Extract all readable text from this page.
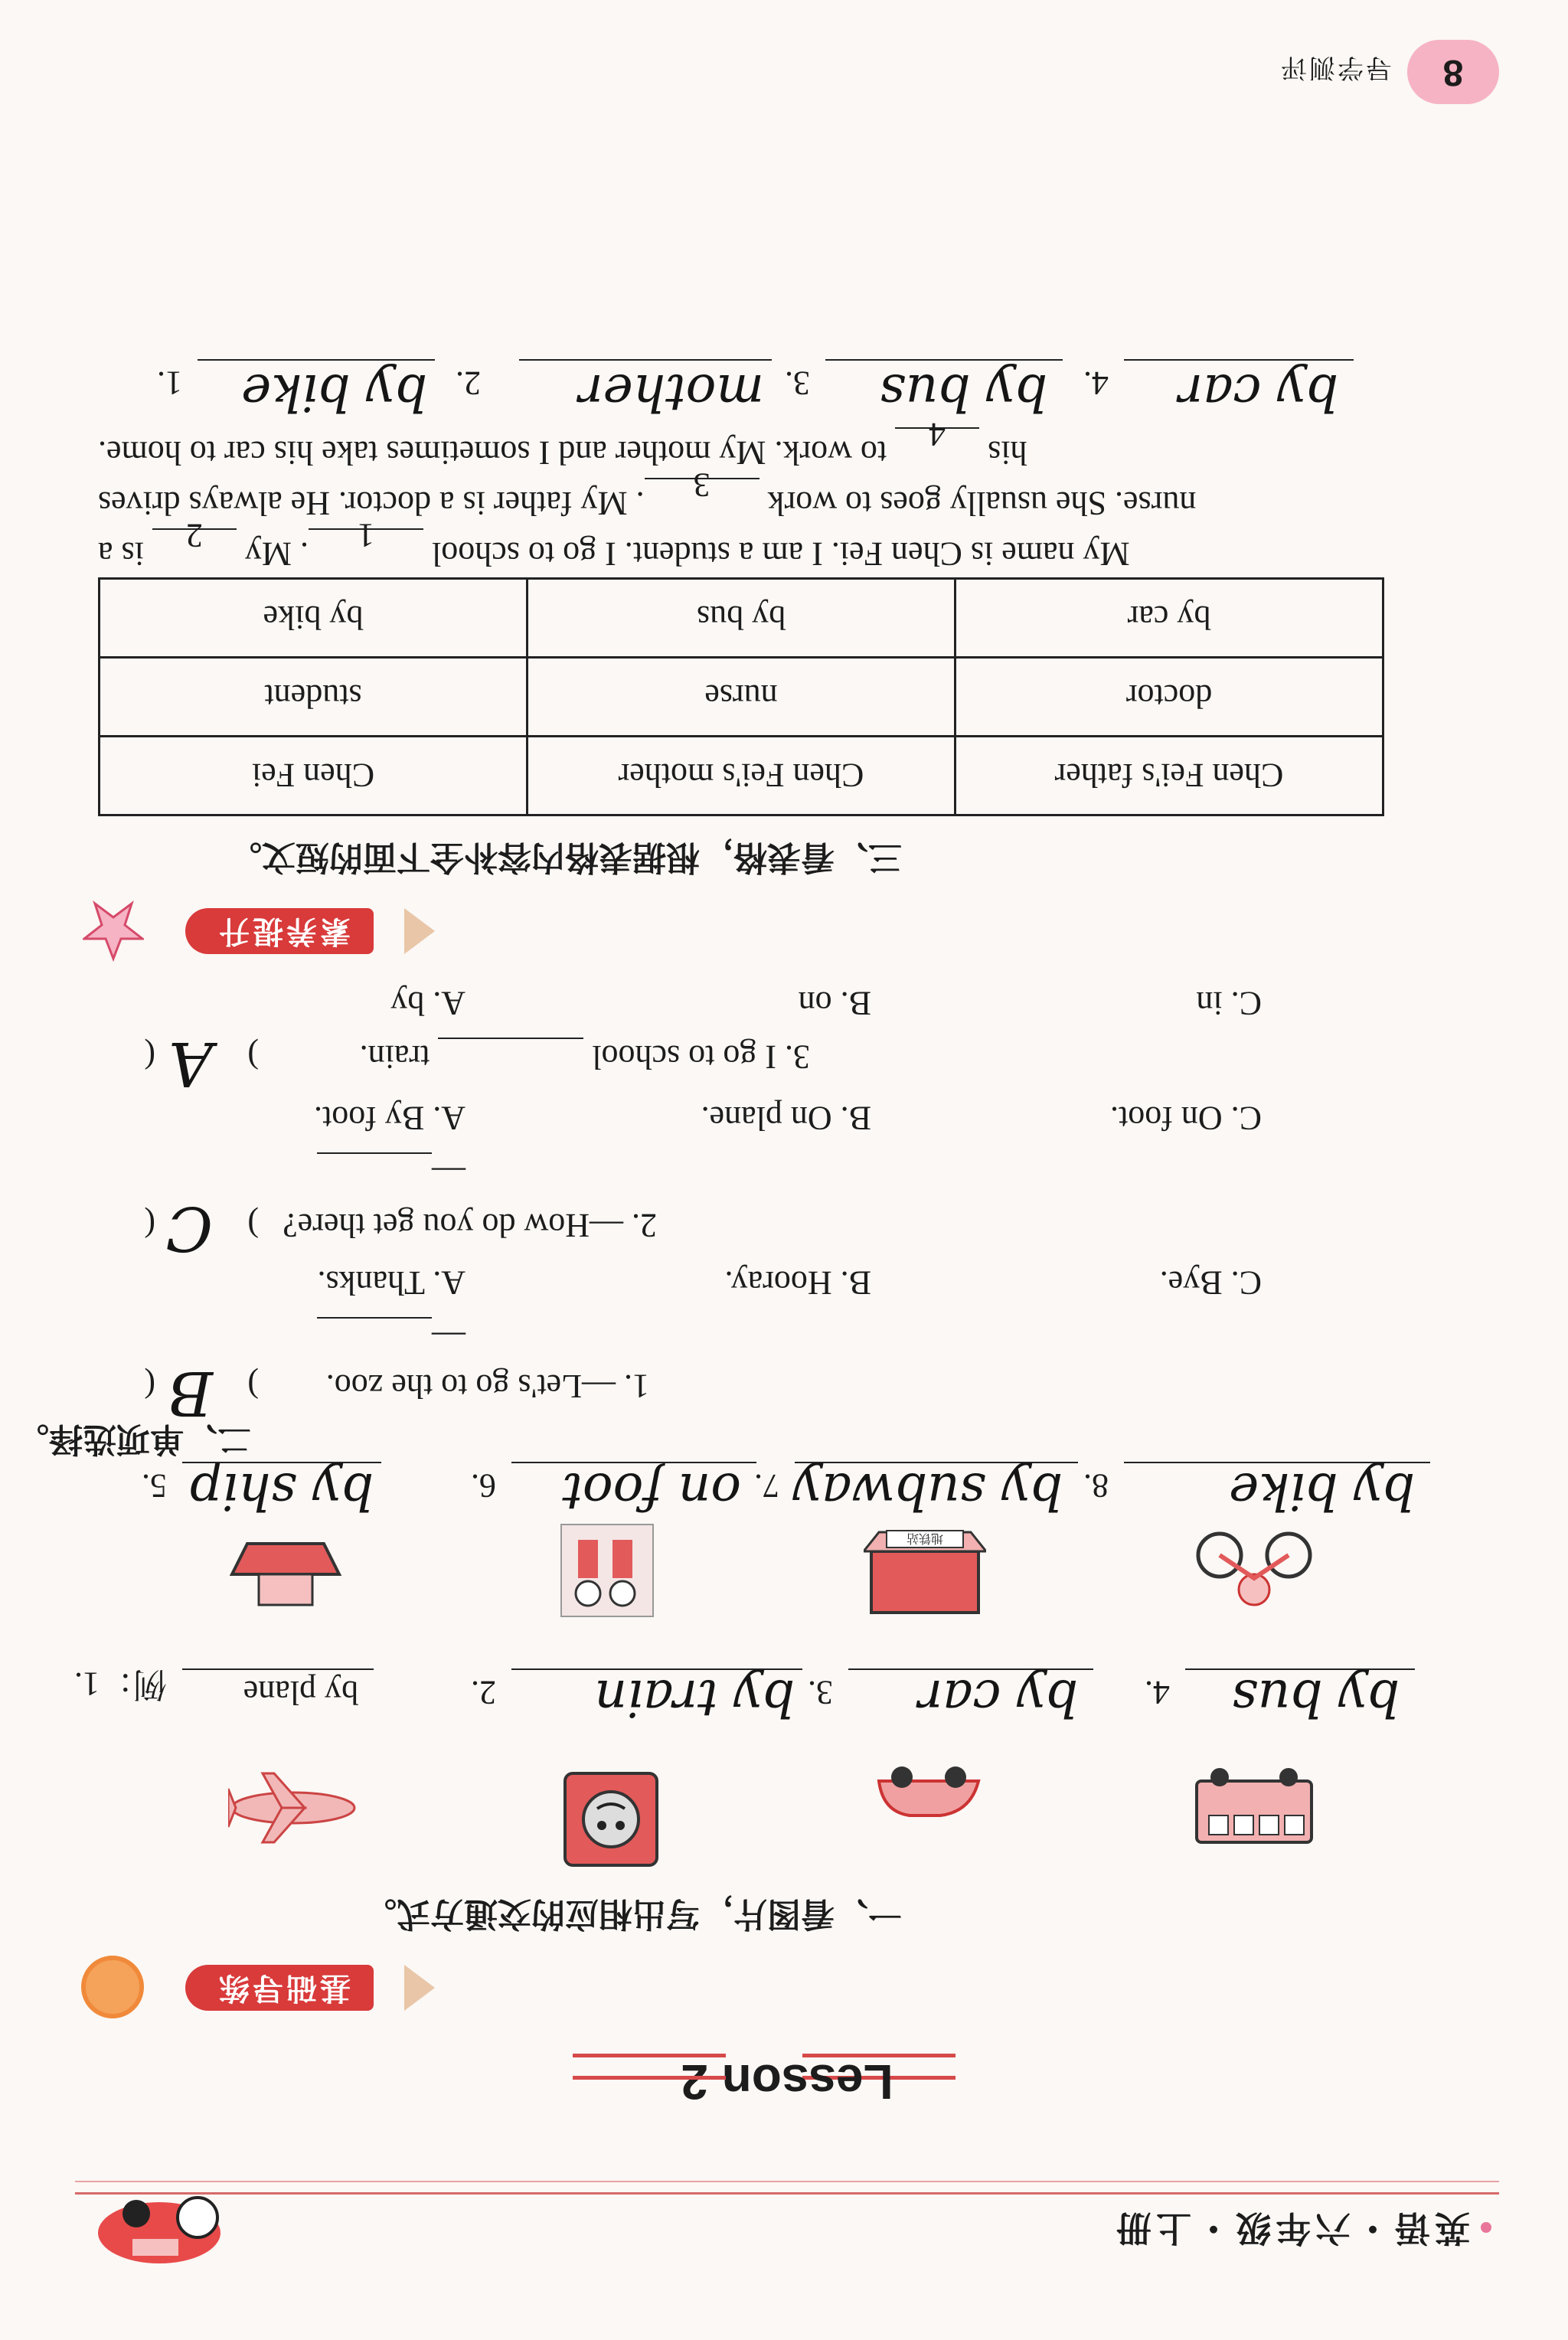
英语・六年级・上册
Lesson 2
基础导练
一、看图片，写出相应的交通方式。
例：1. by plane	2. by train 3. by car 4. by bus
地铁站
5. by ship	6. on foot 7. by subway 8. by bike
二、单项选择。
( B ) 1. —Let's go to the zoo.
—
A. Thanks.	B. Hooray.	C. Bye.
( C ) 2. —How do you get there?
—
A. By foot.	B. On plane.	C. On foot.
( A )	3. I go to school  train.
A. by	B. on	C. in
素养提升
三、看表格，根据表格内容补全下面的短文。
Chen Fei's father	Chen Fei's mother	Chen Fei
doctor	nurse	student
by car	by bus	by bike

My name is Chen Fei. I am a student. I go to school 1. My 2 is a

nurse. She usually goes to work 3. My father is a doctor. He always drives

his 4 to work. My mother and I sometimes take his car to home.

1. by bike 2. mother 3. by bus 4. by car
8
导学测评
